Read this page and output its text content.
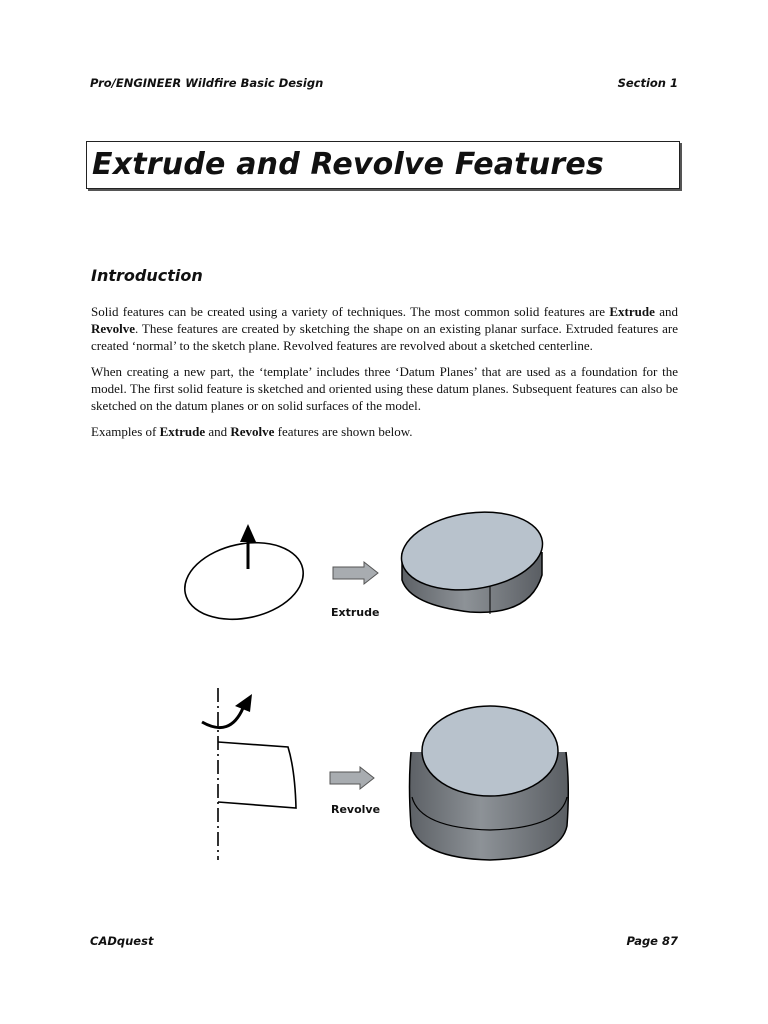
Pro/ENGINEER Wildfire Basic Design	Section 1
Extrude and Revolve Features
Introduction

Solid features can be created using a variety of techniques. The most common solid features are Extrude and Revolve. These features are created by sketching the shape on an existing planar surface. Extruded features are created ‘normal’ to the sketch plane. Revolved features are revolved about a sketched centerline.

When creating a new part, the ‘template’ includes three ‘Datum Planes’ that are used as a foundation for the model. The first solid feature is sketched and oriented using these datum planes. Subsequent features can also be sketched on the datum planes or on solid surfaces of the model.

Examples of Extrude and Revolve features are shown below.

Extrude
Revolve
CADquest	Page 87
